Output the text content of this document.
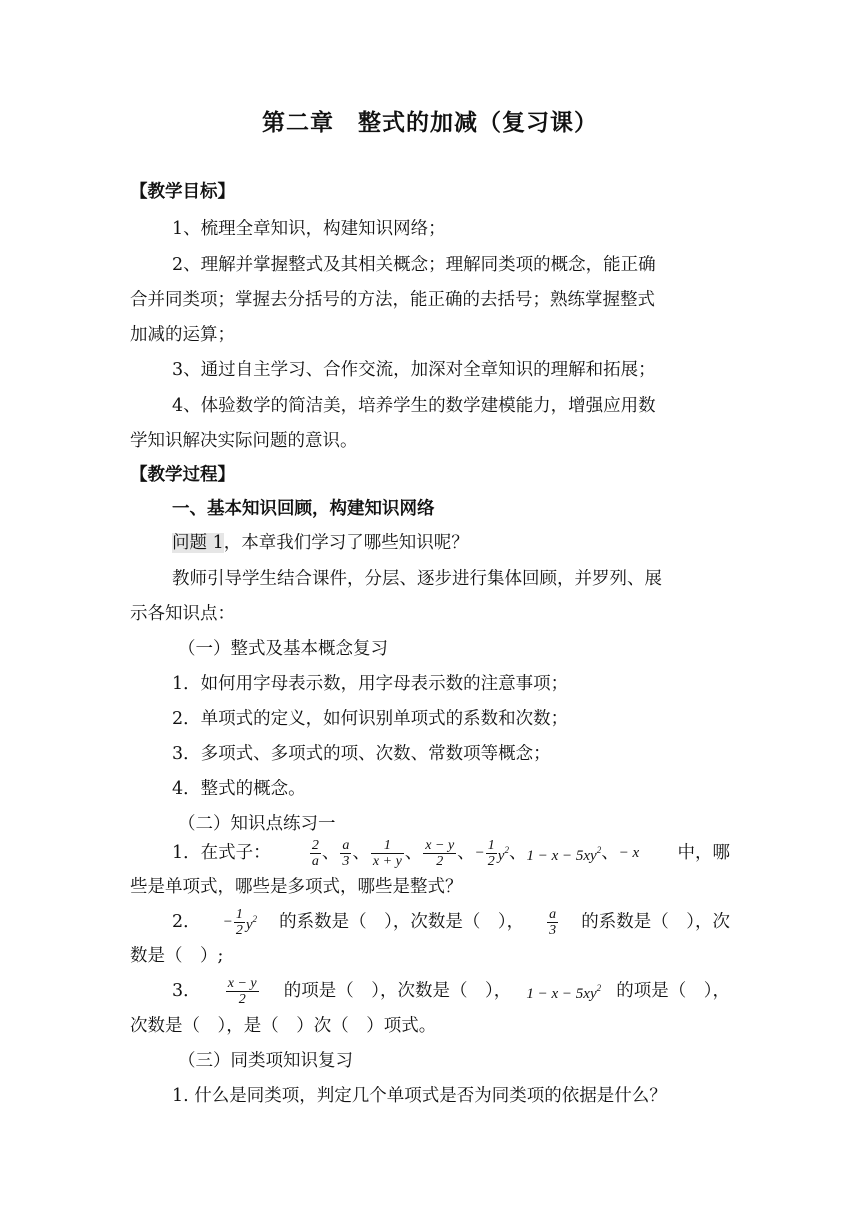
第二章　整式的加减（复习课）
【教学目标】
1、梳理全章知识，构建知识网络；
2、理解并掌握整式及其相关概念；理解同类项的概念，能正确
合并同类项；掌握去分括号的方法，能正确的去括号；熟练掌握整式
加减的运算；
3、通过自主学习、合作交流，加深对全章知识的理解和拓展；
4、体验数学的简洁美，培养学生的数学建模能力，增强应用数
学知识解决实际问题的意识。
【教学过程】
一、基本知识回顾，构建知识网络
问题 1，本章我们学习了哪些知识呢？
教师引导学生结合课件，分层、逐步进行集体回顾，并罗列、展
示各知识点：
（一）整式及基本概念复习
1．如何用字母表示数，用字母表示数的注意事项；
2．单项式的定义，如何识别单项式的系数和次数；
3．多项式、多项式的项、次数、常数项等概念；
4．整式的概念。
（二）知识点练习一
1．在式子：	$\frac{2}{a}$ 、 $\frac{a}{3}$ 、 $\frac{1}{x + y}$ 、 $\frac{x - y}{2}$ 、 − $\frac{1}{2} y^2$ 、 $1 - x - 5xy^2$ 、 − x 中，哪
些是单项式，哪些是多项式，哪些是整式？
2． − $\frac{1}{2} y^2$ 的系数是（　），次数是（　）， $\frac{a}{3}$ 的系数是（　），次
数是（　）;
3． $\frac{x - y}{2}$ 的项是（　），次数是（　）， $1 - x - 5xy^2$ 的项是（　），
次数是（　），是（　）次（　）项式。
（三）同类项知识复习
1. 什么是同类项，判定几个单项式是否为同类项的依据是什么？
